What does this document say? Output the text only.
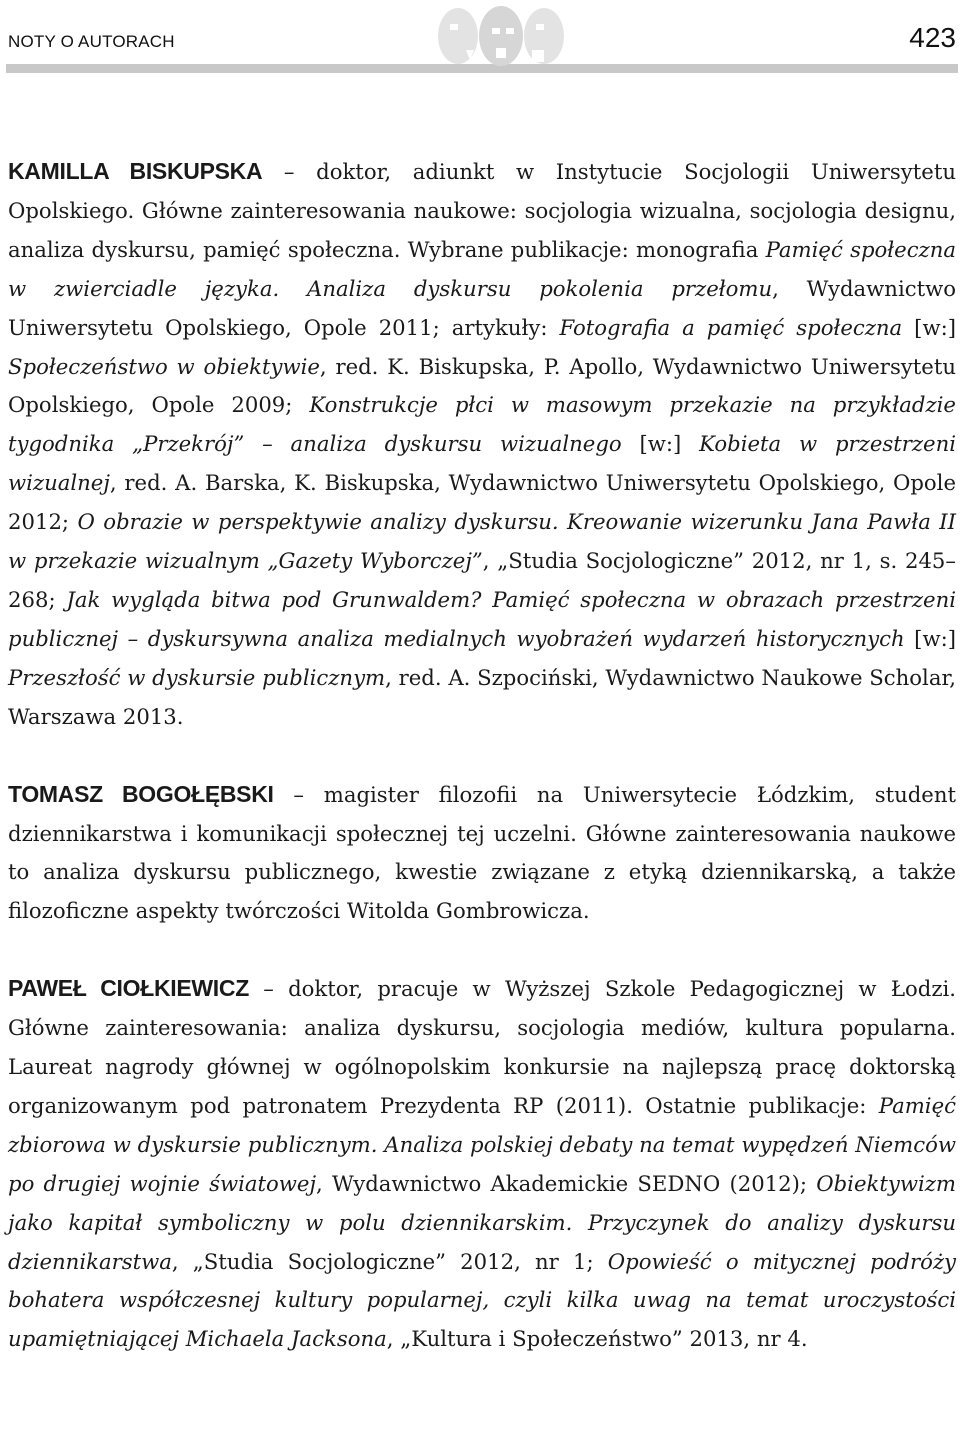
NOTY O AUTORACH	423

KAMILLA BISKUPSKA – doktor, adiunkt w Instytucie Socjologii Uniwersytetu Opolskiego. Główne zainteresowania naukowe: socjologia wizualna, socjologia designu, analiza dyskursu, pamięć społeczna. Wybrane publikacje: monografia Pamięć społeczna w zwierciadle języka. Analiza dyskursu pokolenia przełomu, Wydawnictwo Uniwersytetu Opolskiego, Opole 2011; artykuły: Fotografia a pamięć społeczna [w:] Społeczeństwo w obiektywie, red. K. Biskupska, P. Apollo, Wydawnictwo Uniwersytetu Opolskiego, Opole 2009; Konstrukcje płci w masowym przekazie na przykładzie tygodnika „Przekrój” – analiza dyskursu wizualnego [w:] Kobieta w przestrzeni wizualnej, red. A. Barska, K. Biskupska, Wydawnictwo Uniwersytetu Opolskiego, Opole 2012; O obrazie w perspektywie analizy dyskursu. Kreowanie wizerunku Jana Pawła II w przekazie wizualnym „Gazety Wyborczej”, „Studia Socjologiczne” 2012, nr 1, s. 245–268; Jak wygląda bitwa pod Grunwaldem? Pamięć społeczna w obrazach przestrzeni publicznej – dyskursywna analiza medialnych wyobrażeń wydarzeń historycznych [w:] Przeszłość w dyskursie publicznym, red. A. Szpociński, Wydawnictwo Naukowe Scholar, Warszawa 2013.

TOMASZ BOGOŁĘBSKI – magister filozofii na Uniwersytecie Łódzkim, student dziennikarstwa i komunikacji społecznej tej uczelni. Główne zainteresowania naukowe to analiza dyskursu publicznego, kwestie związane z etyką dziennikarską, a także filozoficzne aspekty twórczości Witolda Gombrowicza.

PAWEŁ CIOŁKIEWICZ – doktor, pracuje w Wyższej Szkole Pedagogicznej w Łodzi. Główne zainteresowania: analiza dyskursu, socjologia mediów, kultura popularna. Laureat nagrody głównej w ogólnopolskim konkursie na najlepszą pracę doktorską organizowanym pod patronatem Prezydenta RP (2011). Ostatnie publikacje: Pamięć zbiorowa w dyskursie publicznym. Analiza polskiej debaty na temat wypędzeń Niemców po drugiej wojnie światowej, Wydawnictwo Akademickie SEDNO (2012); Obiektywizm jako kapitał symboliczny w polu dziennikarskim. Przyczynek do analizy dyskursu dziennikarstwa, „Studia Socjologiczne” 2012, nr 1; Opowieść o mitycznej podróży bohatera współczesnej kultury popularnej, czyli kilka uwag na temat uroczystości upamiętniającej Michaela Jacksona, „Kultura i Społeczeństwo” 2013, nr 4.
